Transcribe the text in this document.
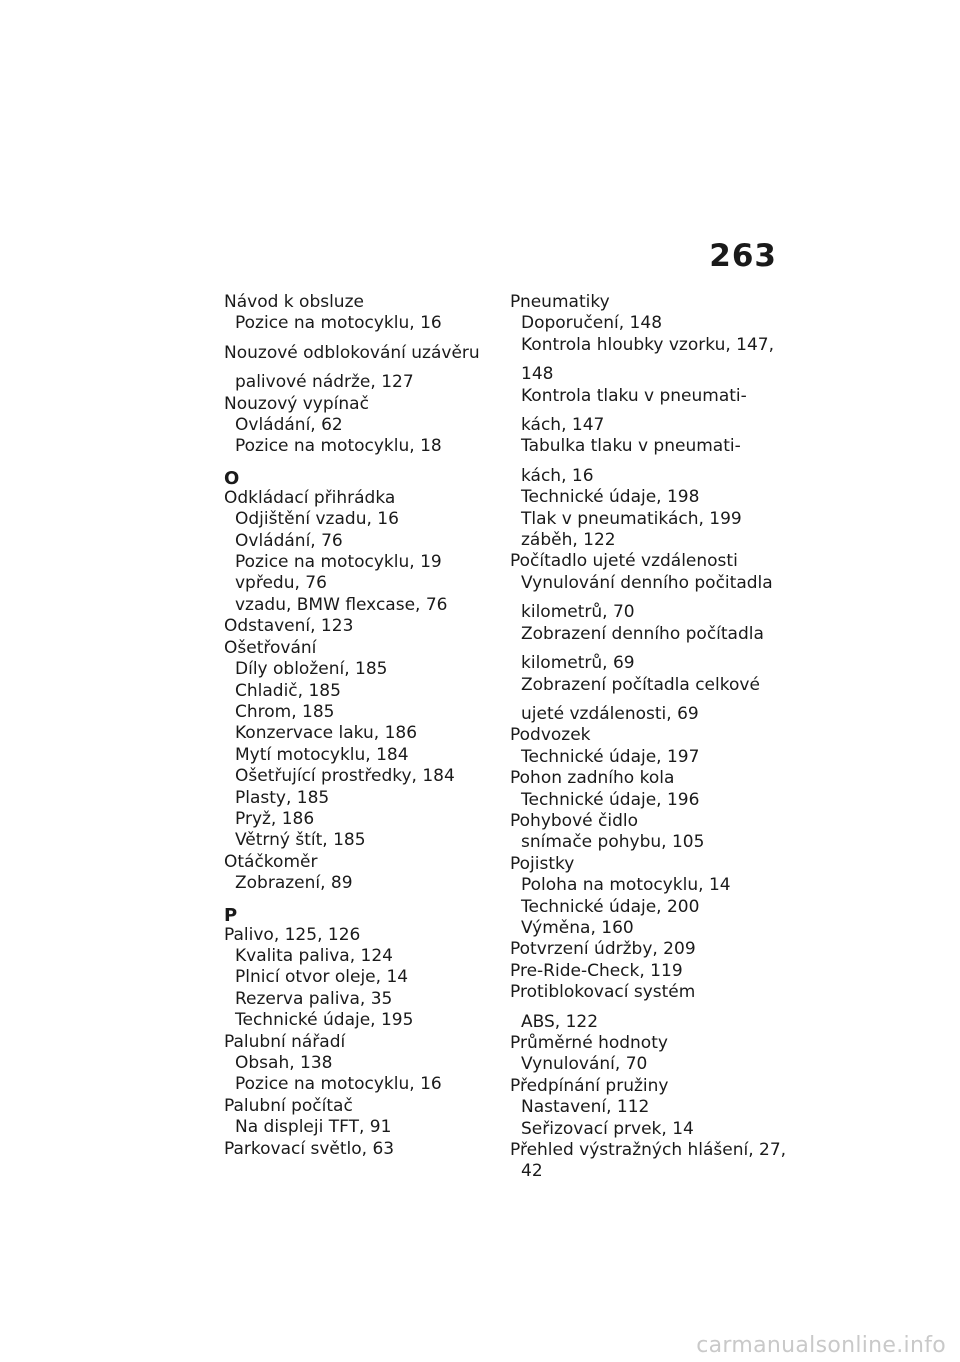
263
Návod k obsluze
Pozice na motocyklu, 16
Nouzové odblokování uzávěru
palivové nádrže, 127
Nouzový vypínač
Ovládání, 62
Pozice na motocyklu, 18
O
Odkládací přihrádka
Odjištění vzadu, 16
Ovládání, 76
Pozice na motocyklu, 19
vpředu, 76
vzadu, BMW flexcase, 76
Odstavení, 123
Ošetřování
Díly obložení, 185
Chladič, 185
Chrom, 185
Konzervace laku, 186
Mytí motocyklu, 184
Ošetřující prostředky, 184
Plasty, 185
Pryž, 186
Větrný štít, 185
Otáčkoměr
Zobrazení, 89
P
Palivo, 125, 126
Kvalita paliva, 124
Plnicí otvor oleje, 14
Rezerva paliva, 35
Technické údaje, 195
Palubní nářadí
Obsah, 138
Pozice na motocyklu, 16
Palubní počítač
Na displeji TFT, 91
Parkovací světlo, 63
Pneumatiky
Doporučení, 148
Kontrola hloubky vzorku, 147,
148
Kontrola tlaku v pneumati-
kách, 147
Tabulka tlaku v pneumati-
kách, 16
Technické údaje, 198
Tlak v pneumatikách, 199
záběh, 122
Počítadlo ujeté vzdálenosti
Vynulování denního počitadla
kilometrů, 70
Zobrazení denního počítadla
kilometrů, 69
Zobrazení počítadla celkové
ujeté vzdálenosti, 69
Podvozek
Technické údaje, 197
Pohon zadního kola
Technické údaje, 196
Pohybové čidlo
snímače pohybu, 105
Pojistky
Poloha na motocyklu, 14
Technické údaje, 200
Výměna, 160
Potvrzení údržby, 209
Pre-Ride-Check, 119
Protiblokovací systém
ABS, 122
Průměrné hodnoty
Vynulování, 70
Předpínání pružiny
Nastavení, 112
Seřizovací prvek, 14
Přehled výstražných hlášení, 27,
42
carmanualsonline.info
